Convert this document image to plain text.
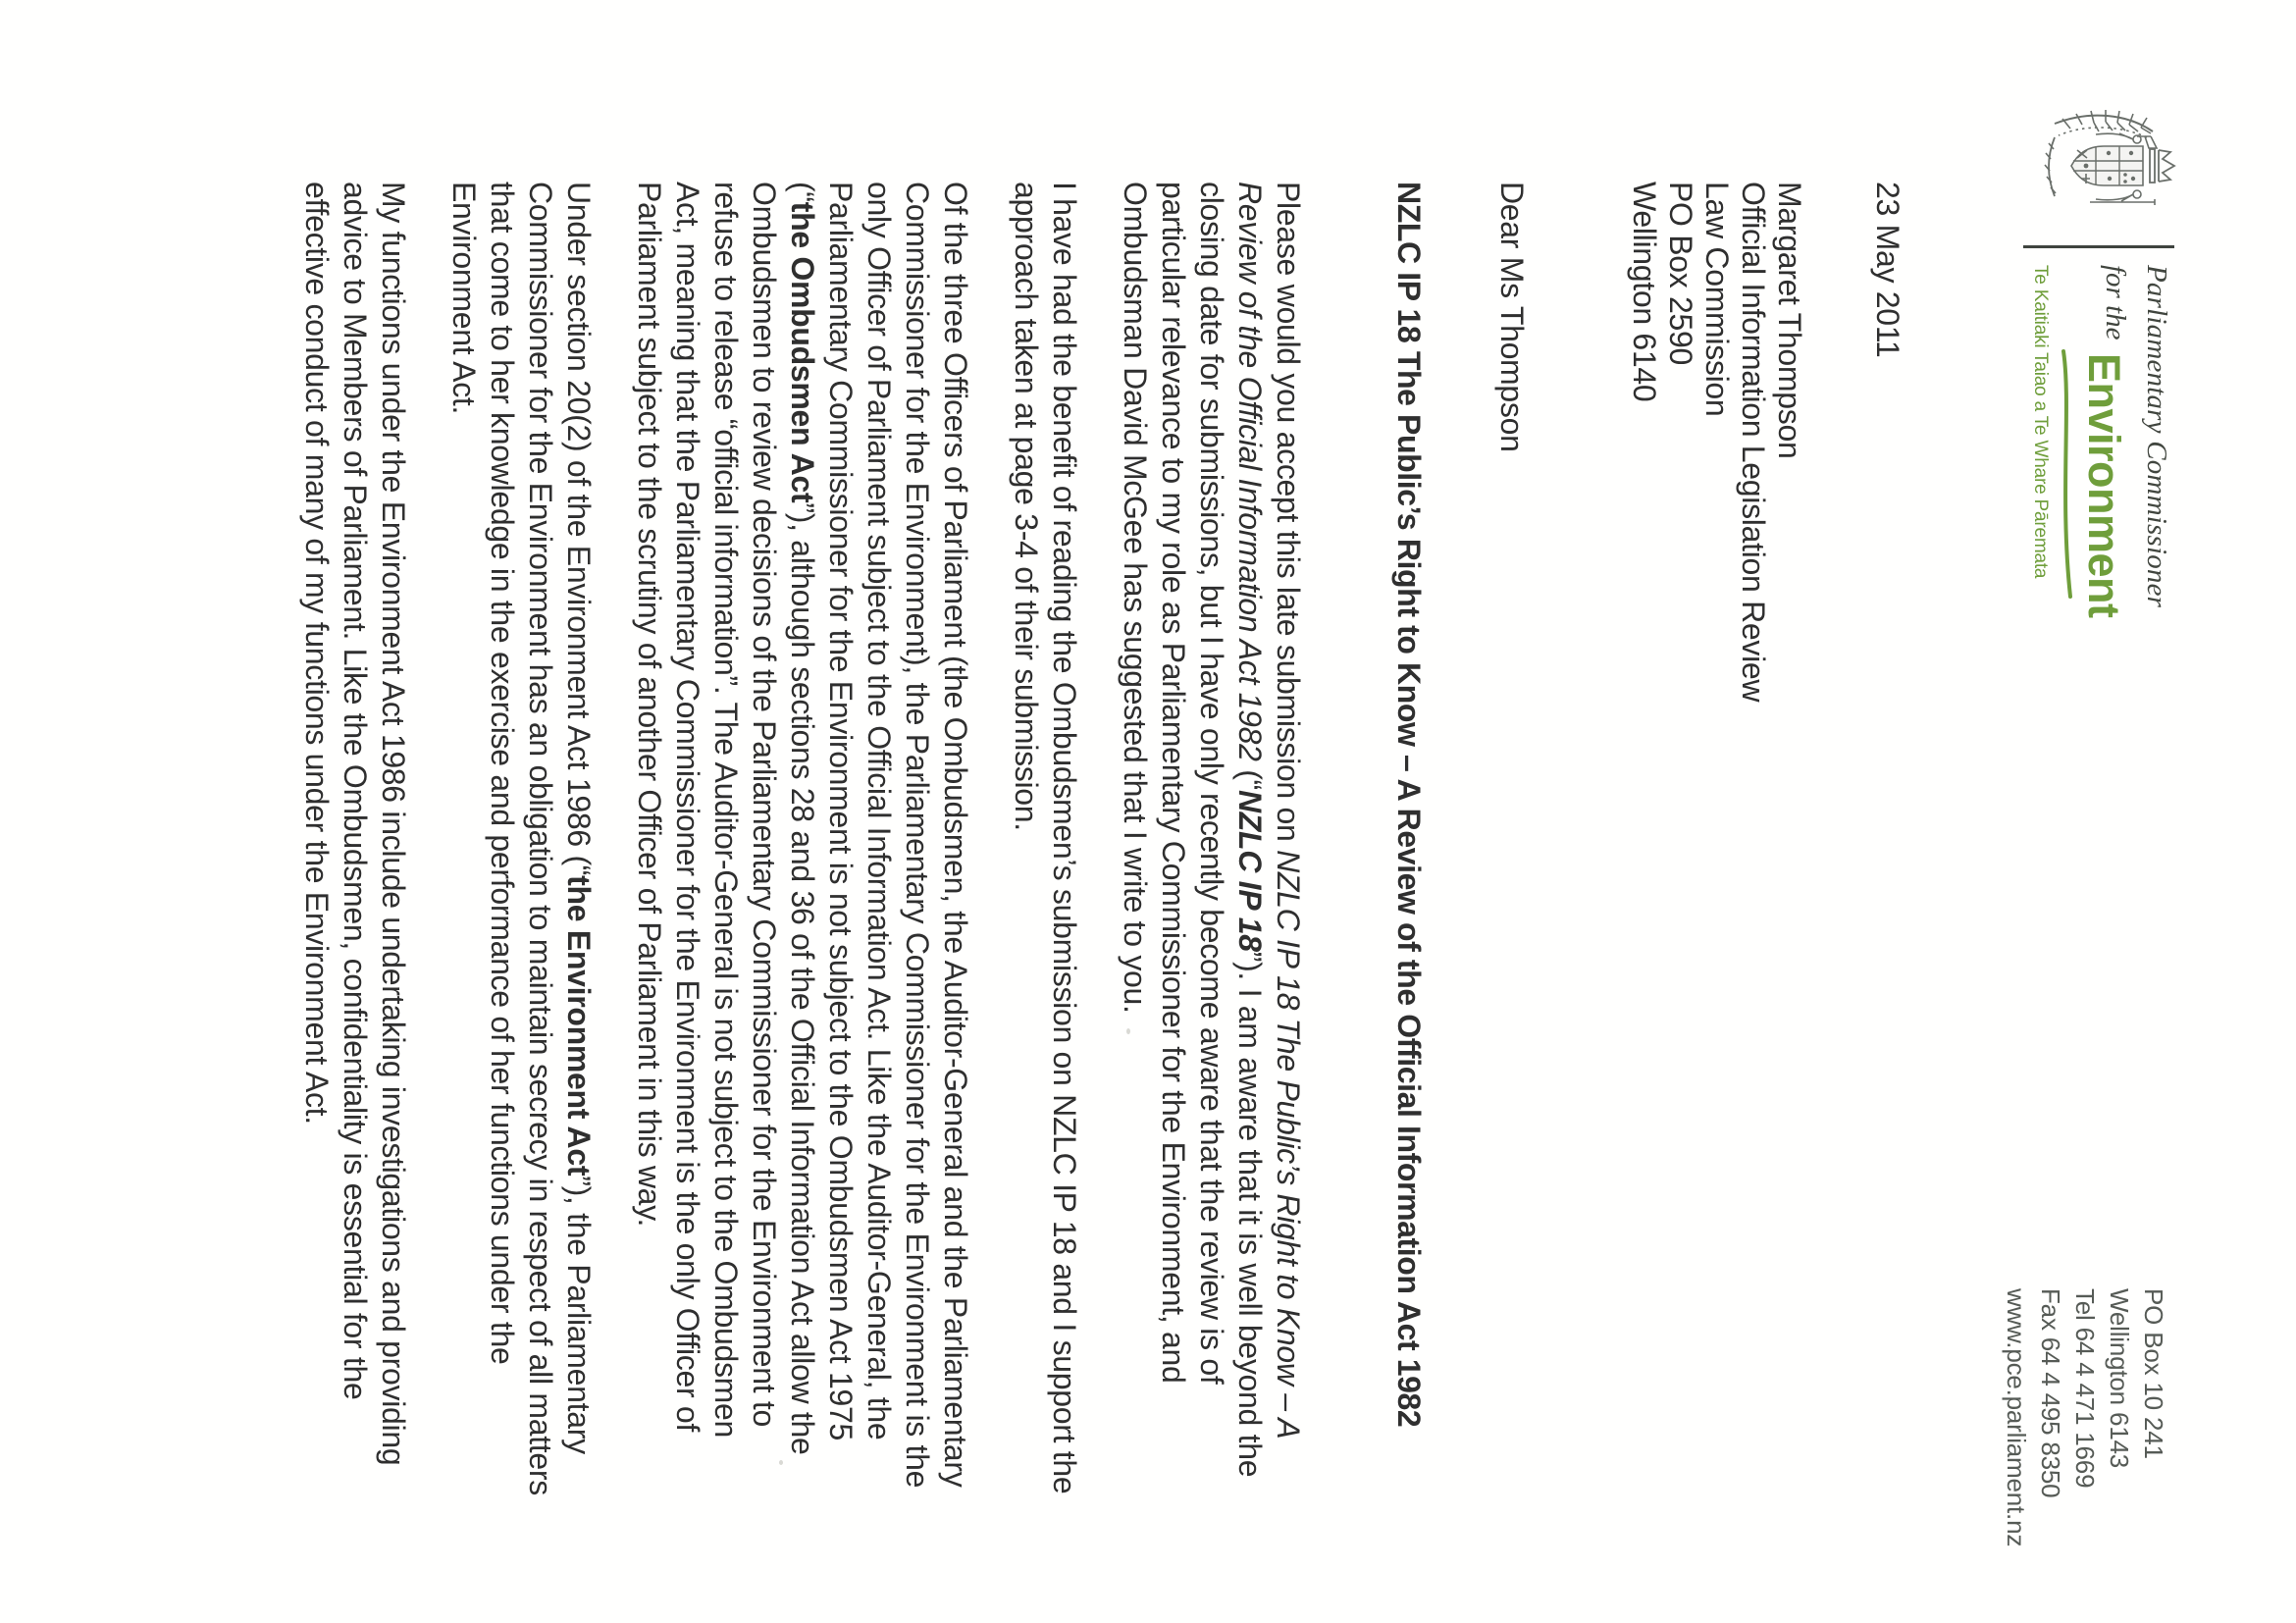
Parliamentary Commissioner
for the
Environment
Te Kaitiaki Taiao a Te Whare Pāremata
PO Box 10 241
Wellington 6143
Tel 64 4 471 1669
Fax 64 4 495 8350
www.pce.parliament.nz
23 May 2011
Margaret Thompson
Official Information Legislation Review
Law Commission
PO Box 2590
Wellington 6140
Dear Ms Thompson
NZLC IP 18 The Public’s Right to Know – A Review of the Official Information Act 1982
Please would you accept this late submission on NZLC IP 18 The Public’s Right to Know – A
Review of the Official Information Act 1982 (“NZLC IP 18”). I am aware that it is well beyond the
closing date for submissions, but I have only recently become aware that the review is of
particular relevance to my role as Parliamentary Commissioner for the Environment, and
Ombudsman David McGee has suggested that I write to you.
I have had the benefit of reading the Ombudsmen’s submission on NZLC IP 18 and I support the
approach taken at page 3-4 of their submission.
Of the three Officers of Parliament (the Ombudsmen, the Auditor-General and the Parliamentary
Commissioner for the Environment), the Parliamentary Commissioner for the Environment is the
only Officer of Parliament subject to the Official Information Act. Like the Auditor-General, the
Parliamentary Commissioner for the Environment is not subject to the Ombudsmen Act 1975
(“the Ombudsmen Act”), although sections 28 and 36 of the Official Information Act allow the
Ombudsmen to review decisions of the Parliamentary Commissioner for the Environment to
refuse to release “official information”. The Auditor-General is not subject to the Ombudsmen
Act, meaning that the Parliamentary Commissioner for the Environment is the only Officer of
Parliament subject to the scrutiny of another Officer of Parliament in this way.
Under section 20(2) of the Environment Act 1986 (“the Environment Act”), the Parliamentary
Commissioner for the Environment has an obligation to maintain secrecy in respect of all matters
that come to her knowledge in the exercise and performance of her functions under the
Environment Act.
My functions under the Environment Act 1986 include undertaking investigations and providing
advice to Members of Parliament. Like the Ombudsmen, confidentiality is essential for the
effective conduct of many of my functions under the Environment Act.
